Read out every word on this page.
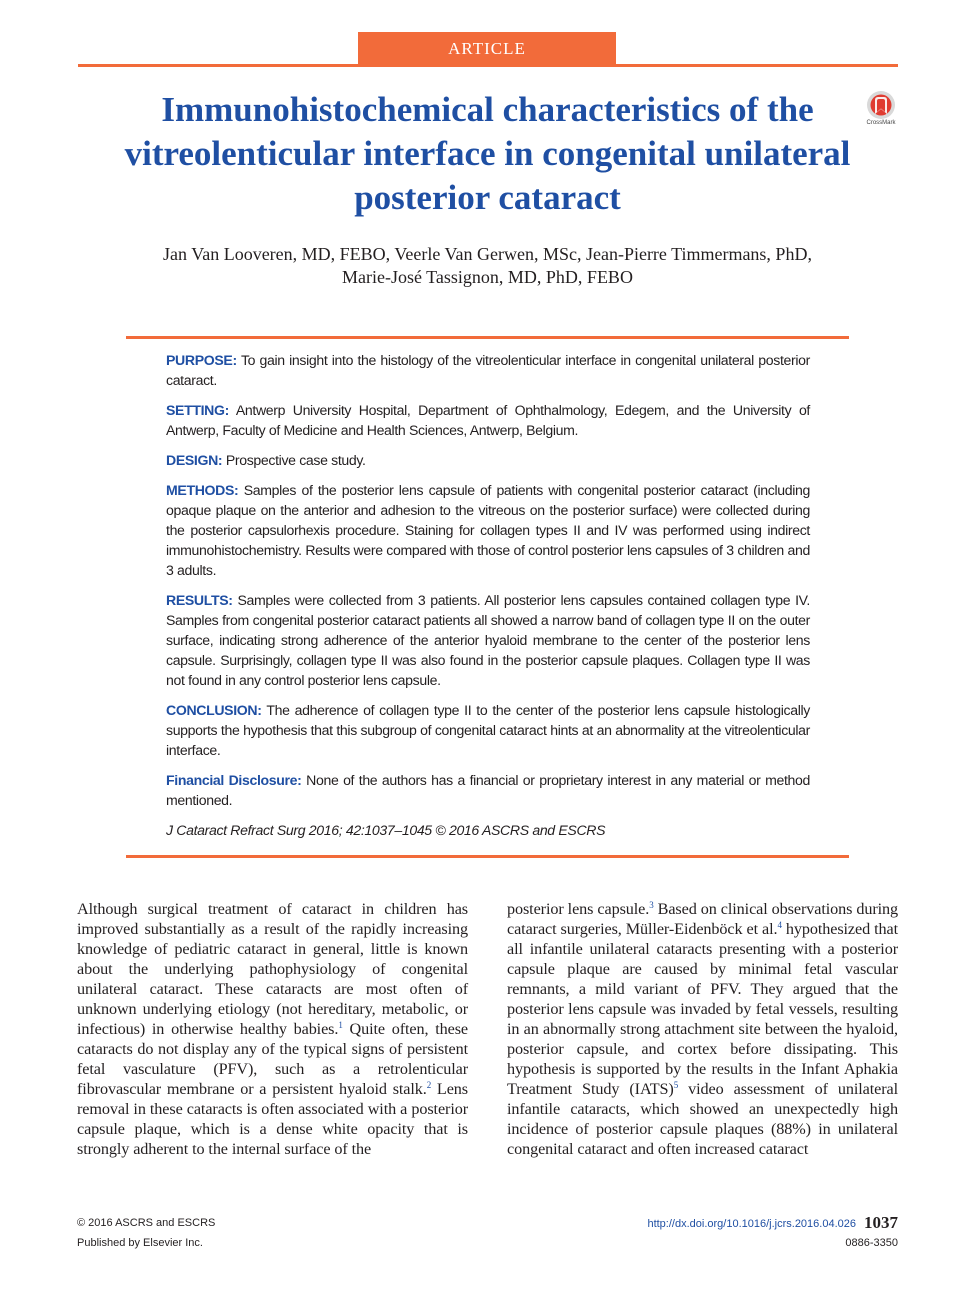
ARTICLE
Immunohistochemical characteristics of the vitreolenticular interface in congenital unilateral posterior cataract
CrossMark

Jan Van Looveren, MD, FEBO, Veerle Van Gerwen, MSc, Jean-Pierre Timmermans, PhD,
Marie-José Tassignon, MD, PhD, FEBO

PURPOSE: To gain insight into the histology of the vitreolenticular interface in congenital unilateral posterior cataract.

SETTING: Antwerp University Hospital, Department of Ophthalmology, Edegem, and the University of Antwerp, Faculty of Medicine and Health Sciences, Antwerp, Belgium.

DESIGN: Prospective case study.

METHODS: Samples of the posterior lens capsule of patients with congenital posterior cataract (including opaque plaque on the anterior and adhesion to the vitreous on the posterior surface) were collected during the posterior capsulorhexis procedure. Staining for collagen types II and IV was performed using indirect immunohistochemistry. Results were compared with those of control posterior lens capsules of 3 children and 3 adults.

RESULTS: Samples were collected from 3 patients. All posterior lens capsules contained collagen type IV. Samples from congenital posterior cataract patients all showed a narrow band of collagen type II on the outer surface, indicating strong adherence of the anterior hyaloid membrane to the center of the posterior lens capsule. Surprisingly, collagen type II was also found in the posterior capsule plaques. Collagen type II was not found in any control posterior lens capsule.

CONCLUSION: The adherence of collagen type II to the center of the posterior lens capsule histologically supports the hypothesis that this subgroup of congenital cataract hints at an abnormality at the vitreolenticular interface.

Financial Disclosure: None of the authors has a financial or proprietary interest in any material or method mentioned.

J Cataract Refract Surg 2016; 42:1037–1045 © 2016 ASCRS and ESCRS

Although surgical treatment of cataract in children has improved substantially as a result of the rapidly increasing knowledge of pediatric cataract in general, little is known about the underlying pathophysiology of congenital unilateral cataract. These cataracts are most often of unknown underlying etiology (not hereditary, metabolic, or infectious) in otherwise healthy babies.$^1$ Quite often, these cataracts do not display any of the typical signs of persistent fetal vasculature (PFV), such as a retrolenticular fibrovascular membrane or a persistent hyaloid stalk.$^2$ Lens removal in these cataracts is often associated with a posterior capsule plaque, which is a dense white opacity that is strongly adherent to the internal surface of the

posterior lens capsule.$^3$ Based on clinical observations during cataract surgeries, Müller-Eidenböck et al.$^4$ hypothesized that all infantile unilateral cataracts presenting with a posterior capsule plaque are caused by minimal fetal vascular remnants, a mild variant of PFV. They argued that the posterior lens capsule was invaded by fetal vessels, resulting in an abnormally strong attachment site between the hyaloid, posterior capsule, and cortex before dissipating. This hypothesis is supported by the results in the Infant Aphakia Treatment Study (IATS)$^5$ video assessment of unilateral infantile cataracts, which showed an unexpectedly high incidence of posterior capsule plaques (88%) in unilateral congenital cataract and often increased cataract

© 2016 ASCRS and ESCRS
Published by Elsevier Inc.
http://dx.doi.org/10.1016/j.jcrs.2016.04.026 1037
0886-3350
